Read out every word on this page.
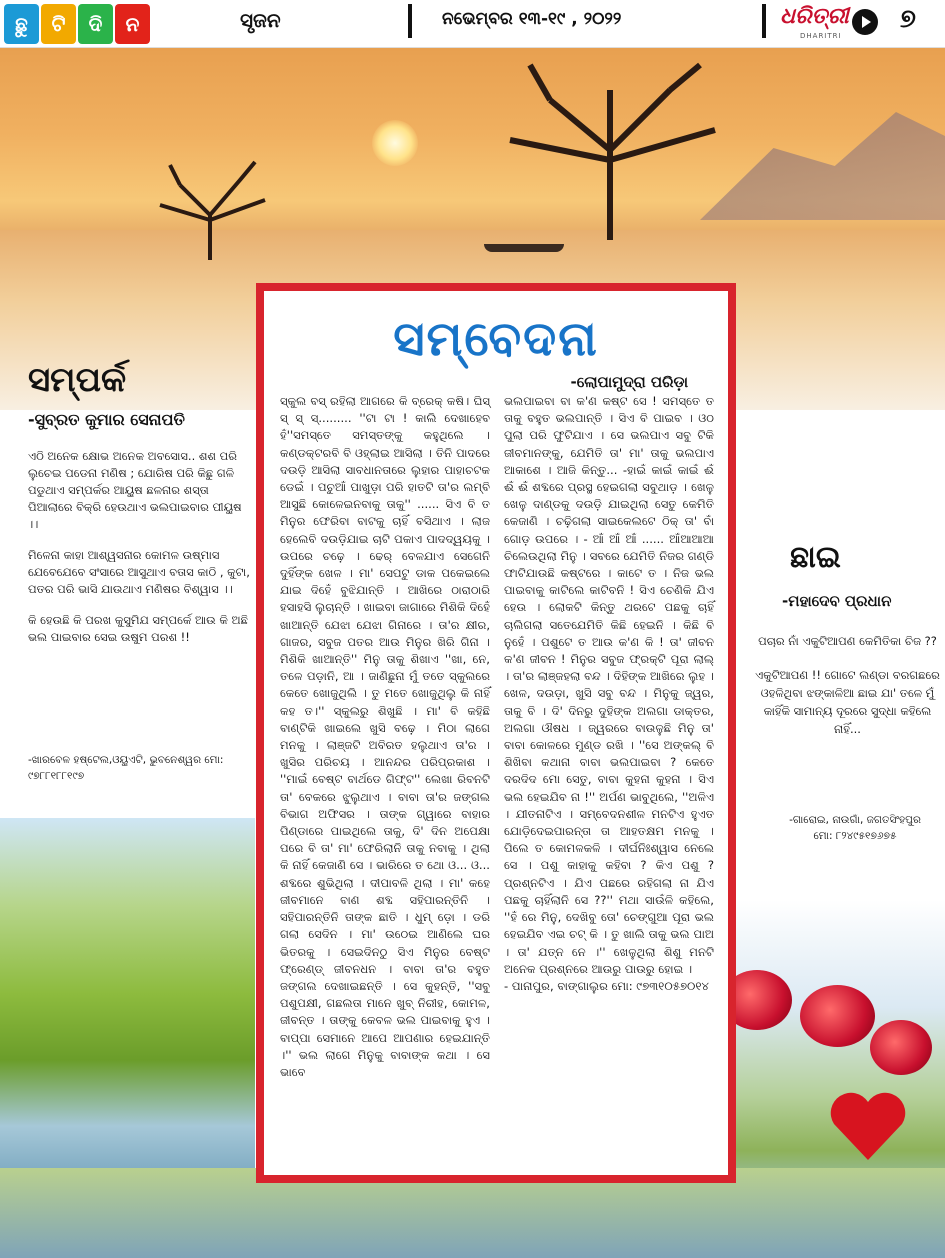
ଛୁ	ଟି	ଦି	ନ	ସୃଜନ	ନଭେମ୍ବର ୧୩-୧୯ , ୨୦୨୨	ଧରିତ୍ରୀ
DHARITRI
୭
ସମ୍ପର୍କ
-ସୁବ୍ରତ କୁମାର ସେନାପତି
ଏଠି ଅନେକ କ୍ଷୋଭ ଅନେକ ଅବସୋସ.. ଶଶ ପରି ଲୁଚେଇ ପଡେନା ମଣିଷ ; ଯୋରିଷ ପରି କିଛୁ ଗଳି ପଡୁଥାଏ ସମ୍ପର୍କର ଆୟୁଷ ଛଳନାର ଶସ୍ତା ପିଆଲାରେ ବିକ୍ରି ହେଉଥାଏ ଭଲପାଇବାର ପୀୟୁଷ ।।
ମିଳେନା କାହା ଆଶ୍ୱସନାର କୋମଳ ଉଷ୍ମାସ ଯେବେଯେବେ ସଂସାରେ ଆସୁଥାଏ ବତାସ କାଠି , କୁଟା, ପତର ପରି ଭାସି ଯାଉଥାଏ ମଣିଷର ବିଶ୍ୱାସ ।।
କି ହେଉଛି କି ପରଖ କୁସୁମିଯ ସମ୍ପର୍କେ ଆଉ କି ଅଛି ଭଲ ପାଇବାର ସେଇ ଉଷୁମ ପରଶ !!
-ଖାରବେଳ ହଷ୍ଟେଲ,ଓୟୁଏଟି, ଭୁବନେଶ୍ୱର ମୋ: ୯୭୮୮୧୮୮୧୯୭
ସମ୍ବେଦନା
-ଲୋପାମୁଦ୍ରା ପରିଡ଼ା

ସ୍କୁଲ ବସ୍ ରହିଲା ଆଗରେ କି ବ୍ରେକ୍ କଷି। ଘିସ୍ ସ୍ ସ୍ ସ୍......... ''ଟା ଟା ! କାଲି ଦେଖାହେବ ହଁ''ସମସ୍ତେ ସମସ୍ତଙ୍କୁ କହୁଥିଲେ । କଣ୍ଡକ୍ଟରବି ବି ଓହ୍ଲାଇ ଆସିଲା । ତିନି ପାଦରେ ଦଉଡ଼ି ଆସିଲା ସାବଧାନତାରେ ଲୁହାର ପାହାଚଟକ ଡେଇଁ । ପଚୁଆଁ ପାଖୁଡ଼ା ପରି ହାତଟି ତା'ର ଲମ୍ବି ଆସୁଛି କୋଳେଇନବାକୁ ତାକୁ'' ...... ସିଏ ବି ତ ମିନୁର ଫେରିବା ବାଟକୁ ଚାହିଁ ବସିଥାଏ । ଲାଜ ହେଲେବି ଦଉଡ଼ିଯାଇ ଚାଟି ପକାଏ ପାଦଦ୍ୱୟକୁ । ଉପରେ ଚଢ଼େ । ଢେର୍ ବେଳଯାଏ ସେଗେନି ଦୁହିଁଙ୍କ ଖେଳ । ମା' ସେପଟୁ ଡାକ ପକେଇଲେ ଯାଇ ଦିହେଁ ବୁଝିଯାନ୍ତି । ଆଖିରେ ଠାରାଠାରି ହସାହସି ଲୁଚାନ୍ତି । ଖାଇବା ଜାଗାରେ ମିଶିକି ଦିହେଁ ଖାଆନ୍ତି ଯେଝା ଯେଝା ଗିନାରେ । ତା'ର କ୍ଷୀର, ଗାଜର, ସବୁଜ ପତର ଆଉ ମିନୁର ଖିରି ଗିନା । ମିଶିକି ଖାଆନ୍ତି'' ମିନୁ ତାକୁ ଶିଖାଏ ''ଖା, ନେ, ତଳେ ପଡ଼ାନି, ଆ । ଜାଣିଛୁନା ମୁଁ ତତେ ସ୍କୁଲରେ କେତେ ଖୋଜୁଥିଲି । ତୁ ମତେ ଖୋଜୁଥିଲୁ କି ନାହିଁ କହ ତ।'' ସ୍କୁଲରୁ ଶିଖୁଛି । ମା' ବି କହିଛି ବାଣ୍ଟିକି ଖାଇଲେ ଖୁସି ବଢ଼େ । ମିଠା ଲାଗେ ମନକୁ । ଲାଞ୍ଜଟି ଅବିରତ ହଲୁଥାଏ ତା'ର । ଖୁସିର ପରିଚୟ । ଆନନ୍ଦର ପରିପ୍ରକାଶ । ''ମାଇଁ ବେଷ୍ଟ ବାର୍ଥଡେ ଗିଫ୍ଟ'' ଲେଖା ରିବନଟି ତା' ବେକରେ ଝୁଲୁଥାଏ । ବାବା ତା'ର ଜଙ୍ଗଲ ବିଭାଗ ଅଫିସର । ତାଙ୍କ ଗ୍ୱାରେ ବାହାର ପିଣ୍ଡାରେ ପାଇଥିଲେ ତାକୁ, ଦି' ଦିନ ଅପେକ୍ଷା ପରେ ବି ତା' ମା' ଫେରିଲାନି ତାକୁ ନବାକୁ । ଥିଲା କି ନାହିଁ କେଜାଣି ସେ । ଭାରିରେ ତ ଥୋ ଓ... ଓ... ଶବ୍ଦରେ ଶୁଭିଥିଲା । ଦୀପାବଳି ଥିଲା । ମା' କହେ ଜୀବମାନେ ବାଣ ଶବ୍ଦ ସହିପାରନ୍ତିନି । ସହିପାରନ୍ତିନି ତାଙ୍କ ଛାତି । ଧୁମ୍ ଡ଼ୋ । ଡରି ଗଲା ସେଦିନ । ମା' ଉଠେଇ ଆଣିଲେ ଘର ଭିତରକୁ । ସେଇଦିନଠୁ ସିଏ ମିନୁର ବେଷ୍ଟ ଫ୍ରେଣ୍ଡ୍ ଜୀବନଧନ । ବାବା ତା'ର ବହୁତ ଜଙ୍ଗଲ ଦେଖାଇଛନ୍ତି । ସେ କୁହନ୍ତି, ''ସବୁ ପଶୁପକ୍ଷୀ, ଗଛଲତା ମାନେ ଖୁବ୍ ନିରୀହ, କୋମଳ, ଜୀବନ୍ତ । ତାଙ୍କୁ କେବଳ ଭଲ ପାଇବାକୁ ହୁଏ । ବାପ୍ପା ସେମାନେ ଆପେ ଆପଣାର ହେଇଯାନ୍ତି ।'' ଭଲ ଲାଗେ ମିନୁକୁ ବାବାଙ୍କ କଥା । ସେ ଭାବେ

ଭଲପାଇବା ବା କ'ଣ କଷ୍ଟ ସେ ! ସମସ୍ତେ ତ ତାକୁ ବହୁତ ଭଲପାନ୍ତି । ସିଏ ବି ପାଇବ । ଓଠ ପୁଲା ପରି ଫୁଟିଯାଏ । ସେ ଭଲପାଏ ସବୁ ଟିକି ଜୀବମାନଙ୍କୁ, ଯେମିତି ତା' ମା' ତାକୁ ଭଲପାଏ ଆକାଶେ । ଆଜି କିନ୍ତୁ... -ହାଇଁ କାଇଁ କାଇଁ ଈଁ ଈଁ ଈଁ ଶବ୍ଦରେ ପ୍ରସ୍ଥ ହେଇଗଲା ସବୁଥାଡ଼ । ଖେଳୁ ଖେଳୁ ଦାଣ୍ଡକୁ ଦଉଡ଼ି ଯାଇଥିଲା ସେତୁ କେମିତି କେଜାଣି । ଚଢ଼ିଗଲା ସାଇକେଲଟେ ଠିକ୍ ତା' ବାଁ ଗୋଡ଼ ଉପରେ । - ଆଁ ଆଁ ଆଁ ...... ଆଁଆଆଆ ଚିଲେଉଥିଲା ମିନୁ । ସବରେ ଯେମିତି ନିଜର ଗଣ୍ଡି ଫାଟିଯାଉଛି କଷ୍ଟରେ । କାଟେ ତ । ନିଜ ଭଲ ପାଇବାକୁ କାଟିଲେ କାଟିବନି ! ସିଏ ଚେଣିକି ଯିଏ ହେଉ । ଲୋକଟି କିନ୍ତୁ ଥରଟେ ପଛକୁ ଚାହିଁ ଚାଲିଗଲା ସତେଯେମିତି କିଛି ହେଇନି । କିଛି ବି ନୁହେଁ । ପଶୁଟେ ତ ଆଉ କ'ଣ କି ! ତା' ଜୀବନ କ'ଣ ଜୀବନ ! ମିନୁର ସବୁଜ ଫ୍ରକ୍‌ଟି ପୂରା ଲାଲ୍ । ତା'ର ଲାଞ୍ଜହଲା ବନ୍ଦ । ଦିହିଙ୍କ ଆଖିରେ ଲୁହ । ଖେଳ, ଦଉଡ଼ା, ଖୁସି ସବୁ ବନ୍ଦ । ମିନୁକୁ ଜ୍ୱର, ତାକୁ ବି । ଦି' ଦିନରୁ ଦୁହିଙ୍କ ଅଲଗା ଡାକ୍ତର, ଅଲଗା ଔଷଧ । ଜ୍ୱରରେ ବାଉଳୁଛି ମିନୁ ତା' ବାବା କୋଳରେ ମୁଣ୍ଡ ରଖି । ''ସେ ଅଙ୍କଲ୍ ବି ଶିଖିବା କଥାନା ବାବା ଭଲପାଇବା ? କେତେ ଦରଦିଦ ମୋ ସେତୁ, ବାବା କୁହନା କୁହନା । ସିଏ ଭଲ ହେଇଯିବ ନା !'' ଅର୍ପଣ ଭାବୁଥିଲେ, ''ଅଳିଏ । ଯୀତନାଟିଏ । ସମ୍ବେଦନଶୀଳ ମନଟିଏ ହୁଏତ ଯୋଡ଼ିଦେଇପାରନ୍ତା ତା ଆହତକ୍ଷମ ମନକୁ । ପିଲେ ତ କୋମଳକଳି । ଦୀର୍ଘନିଃଶ୍ୱାସ ନେଲେ ସେ । ପଶୁ କାହାକୁ କହିବା ? କିଏ ପଶୁ ? ପ୍ରଶ୍ନଟିଏ । ଯିଏ ପଛରେ ରହିଗଲା ନା ଯିଏ ପଛକୁ ଚାହିଁଲାନି ସେ ??'' ମଥା ସାଉଁଳି କହିଲେ, ''ହଁ ରେ ମିନୁ, ଦେଖିବୁ ତୋ' ଚେଙ୍ଗୁଆ ପୂରା ଭଲ ହେଇଯିବ ଏଇ ଚଟ୍ କି । ତୁ ଖାଲି ତାକୁ ଭଲ ପାଅ । ତା' ଯତ୍ନ ନେ ।'' ଖେଳୁଥିଲା ଶିଶୁ ମନଟି ଅନେକ ପ୍ରଶ୍ନରେ ଆଉରୁ ପାଉରୁ ହୋଇ ।

- ପାନାପୁର, ବାଙ୍ଗାଲୁର ମୋ: ୯୭୩୧୦୫୭୦୧୪

ଛାଇ
-ମହାଦେବ ପ୍ରଧାନ
ପଚାର ନାଁ ଏକୁଟିଆପଣ କେମିତିକା ଚିଜ ??
ଏକୁଟିଆପଣ !! ଗୋଟେ ଲଣ୍ଡା ବରଗଛରେ ଓହଳିଥିବା ଝଙ୍କାଳିଆ ଛାଇ ଯା' ତଳେ ମୁଁ କାହିଁକି ସାମାନ୍ୟ ଦୂରରେ ସୁଦ୍ଧା କହିଲେ ନାହିଁ...
-ଗାରୋଇ, ନାଉଗାଁ, ଜଗତସିଂହପୁର ମୋ: ୮୨୪୯୫୧୭୬୭୫
